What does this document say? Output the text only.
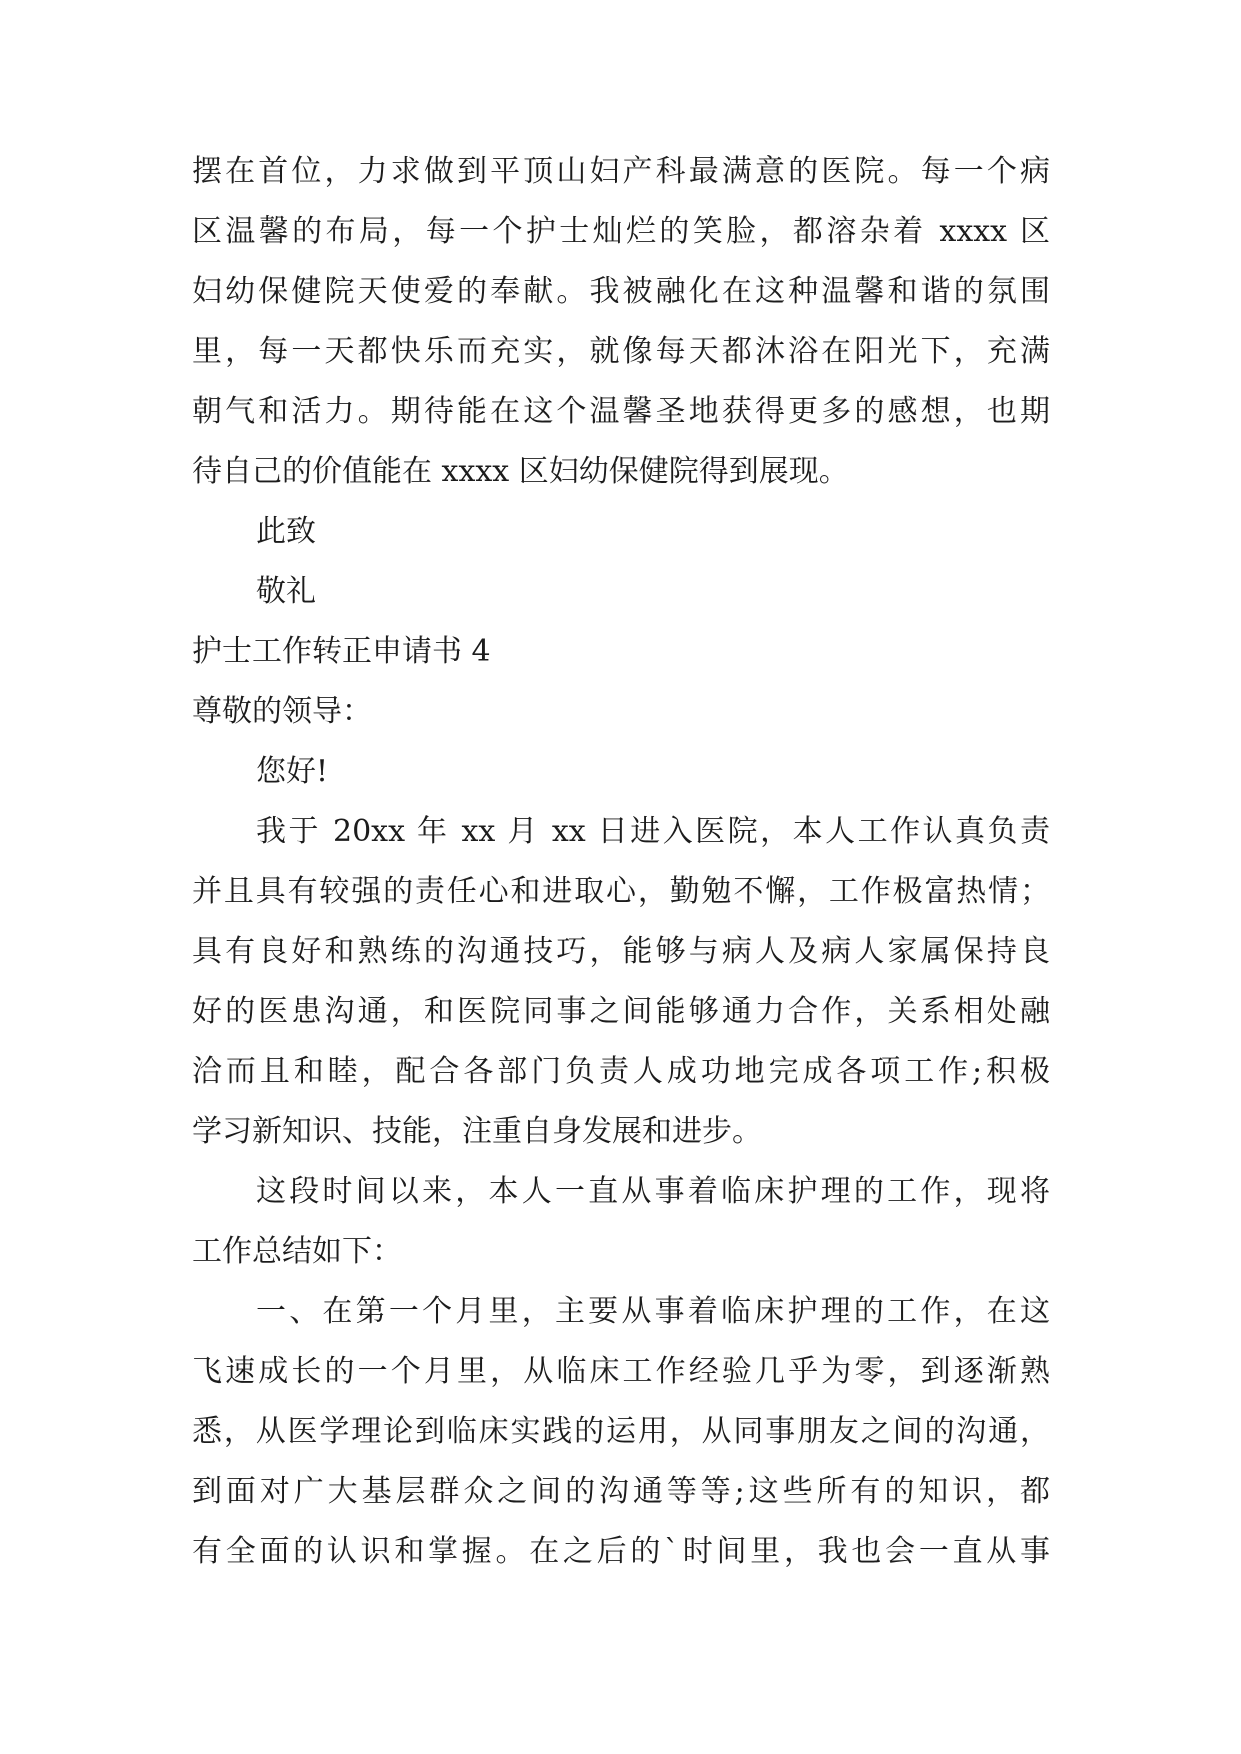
摆在首位，力求做到平顶山妇产科最满意的医院。每一个病
区温馨的布局，每一个护士灿烂的笑脸，都溶杂着 xxxx 区
妇幼保健院天使爱的奉献。我被融化在这种温馨和谐的氛围
里，每一天都快乐而充实，就像每天都沐浴在阳光下，充满
朝气和活力。期待能在这个温馨圣地获得更多的感想，也期
待自己的价值能在 xxxx 区妇幼保健院得到展现。
此致
敬礼
护士工作转正申请书 4
尊敬的领导：
您好!
我于 20xx 年 xx 月 xx 日进入医院，本人工作认真负责
并且具有较强的责任心和进取心，勤勉不懈，工作极富热情；
具有良好和熟练的沟通技巧，能够与病人及病人家属保持良
好的医患沟通，和医院同事之间能够通力合作，关系相处融
洽而且和睦，配合各部门负责人成功地完成各项工作;积极
学习新知识、技能，注重自身发展和进步。
这段时间以来，本人一直从事着临床护理的工作，现将
工作总结如下：
一、在第一个月里，主要从事着临床护理的工作，在这
飞速成长的一个月里，从临床工作经验几乎为零，到逐渐熟
悉，从医学理论到临床实践的运用，从同事朋友之间的沟通，
到面对广大基层群众之间的沟通等等;这些所有的知识，都
有全面的认识和掌握。在之后的`时间里，我也会一直从事
